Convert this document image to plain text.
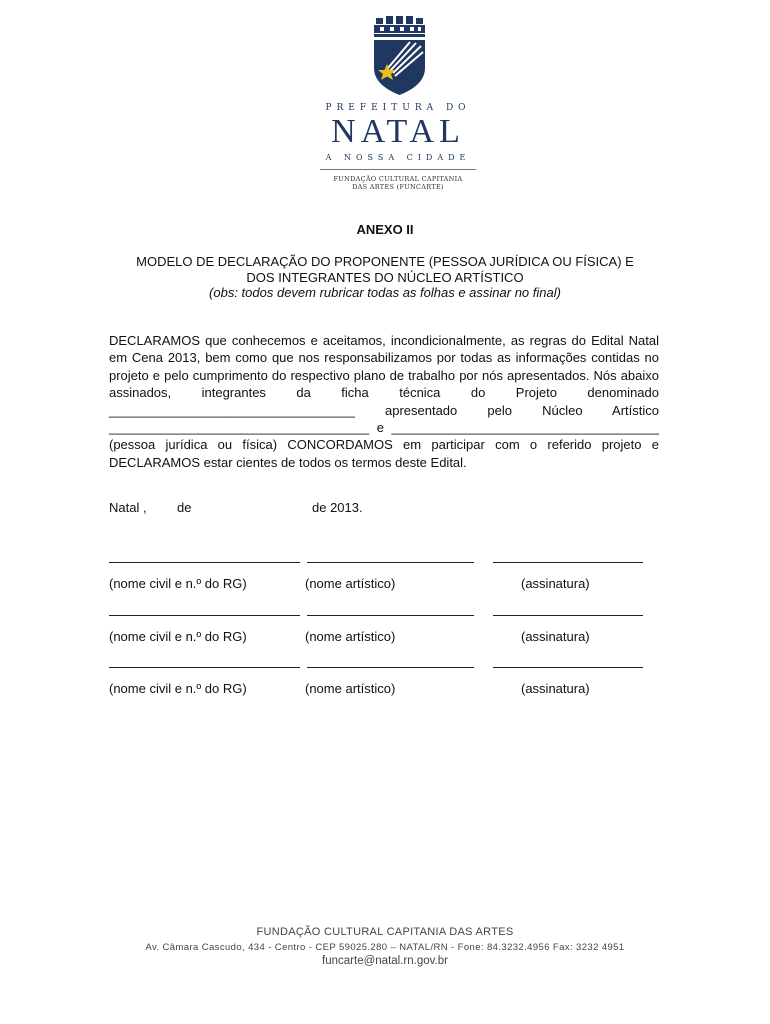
PREFEITURA DO
NATAL
A NOSSA CIDADE
FUNDAÇÃO CULTURAL CAPITANIA
DAS ARTES (FUNCARTE)
ANEXO II
MODELO DE DECLARAÇÃO DO PROPONENTE (PESSOA JURÍDICA OU FÍSICA) E
DOS INTEGRANTES DO NÚCLEO ARTÍSTICO
(obs: todos devem rubricar todas as folhas e assinar no final)
DECLARAMOS que conhecemos e aceitamos, incondicionalmente, as regras do Edital Natal em Cena 2013, bem como que nos responsabilizamos por todas as informações contidas no projeto e pelo cumprimento do respectivo plano de trabalho por nós apresentados. Nós abaixo assinados, integrantes da ficha técnica do Projeto denominado __________________________________ apresentado pelo Núcleo Artístico ____________________________________ e _____________________________________ (pessoa jurídica ou física) CONCORDAMOS em participar com o referido projeto e DECLARAMOS estar cientes de todos os termos deste Edital.
Natal , de	de 2013.
(nome civil e n.º do RG)	(nome artístico)	(assinatura)
(nome civil e n.º do RG)	(nome artístico)	(assinatura)
(nome civil e n.º do RG)	(nome artístico)	(assinatura)
FUNDAÇÃO CULTURAL CAPITANIA DAS ARTES
Av. Câmara Cascudo, 434 - Centro - CEP 59025.280 – NATAL/RN - Fone: 84.3232.4956 Fax: 3232 4951
funcarte@natal.rn.gov.br
